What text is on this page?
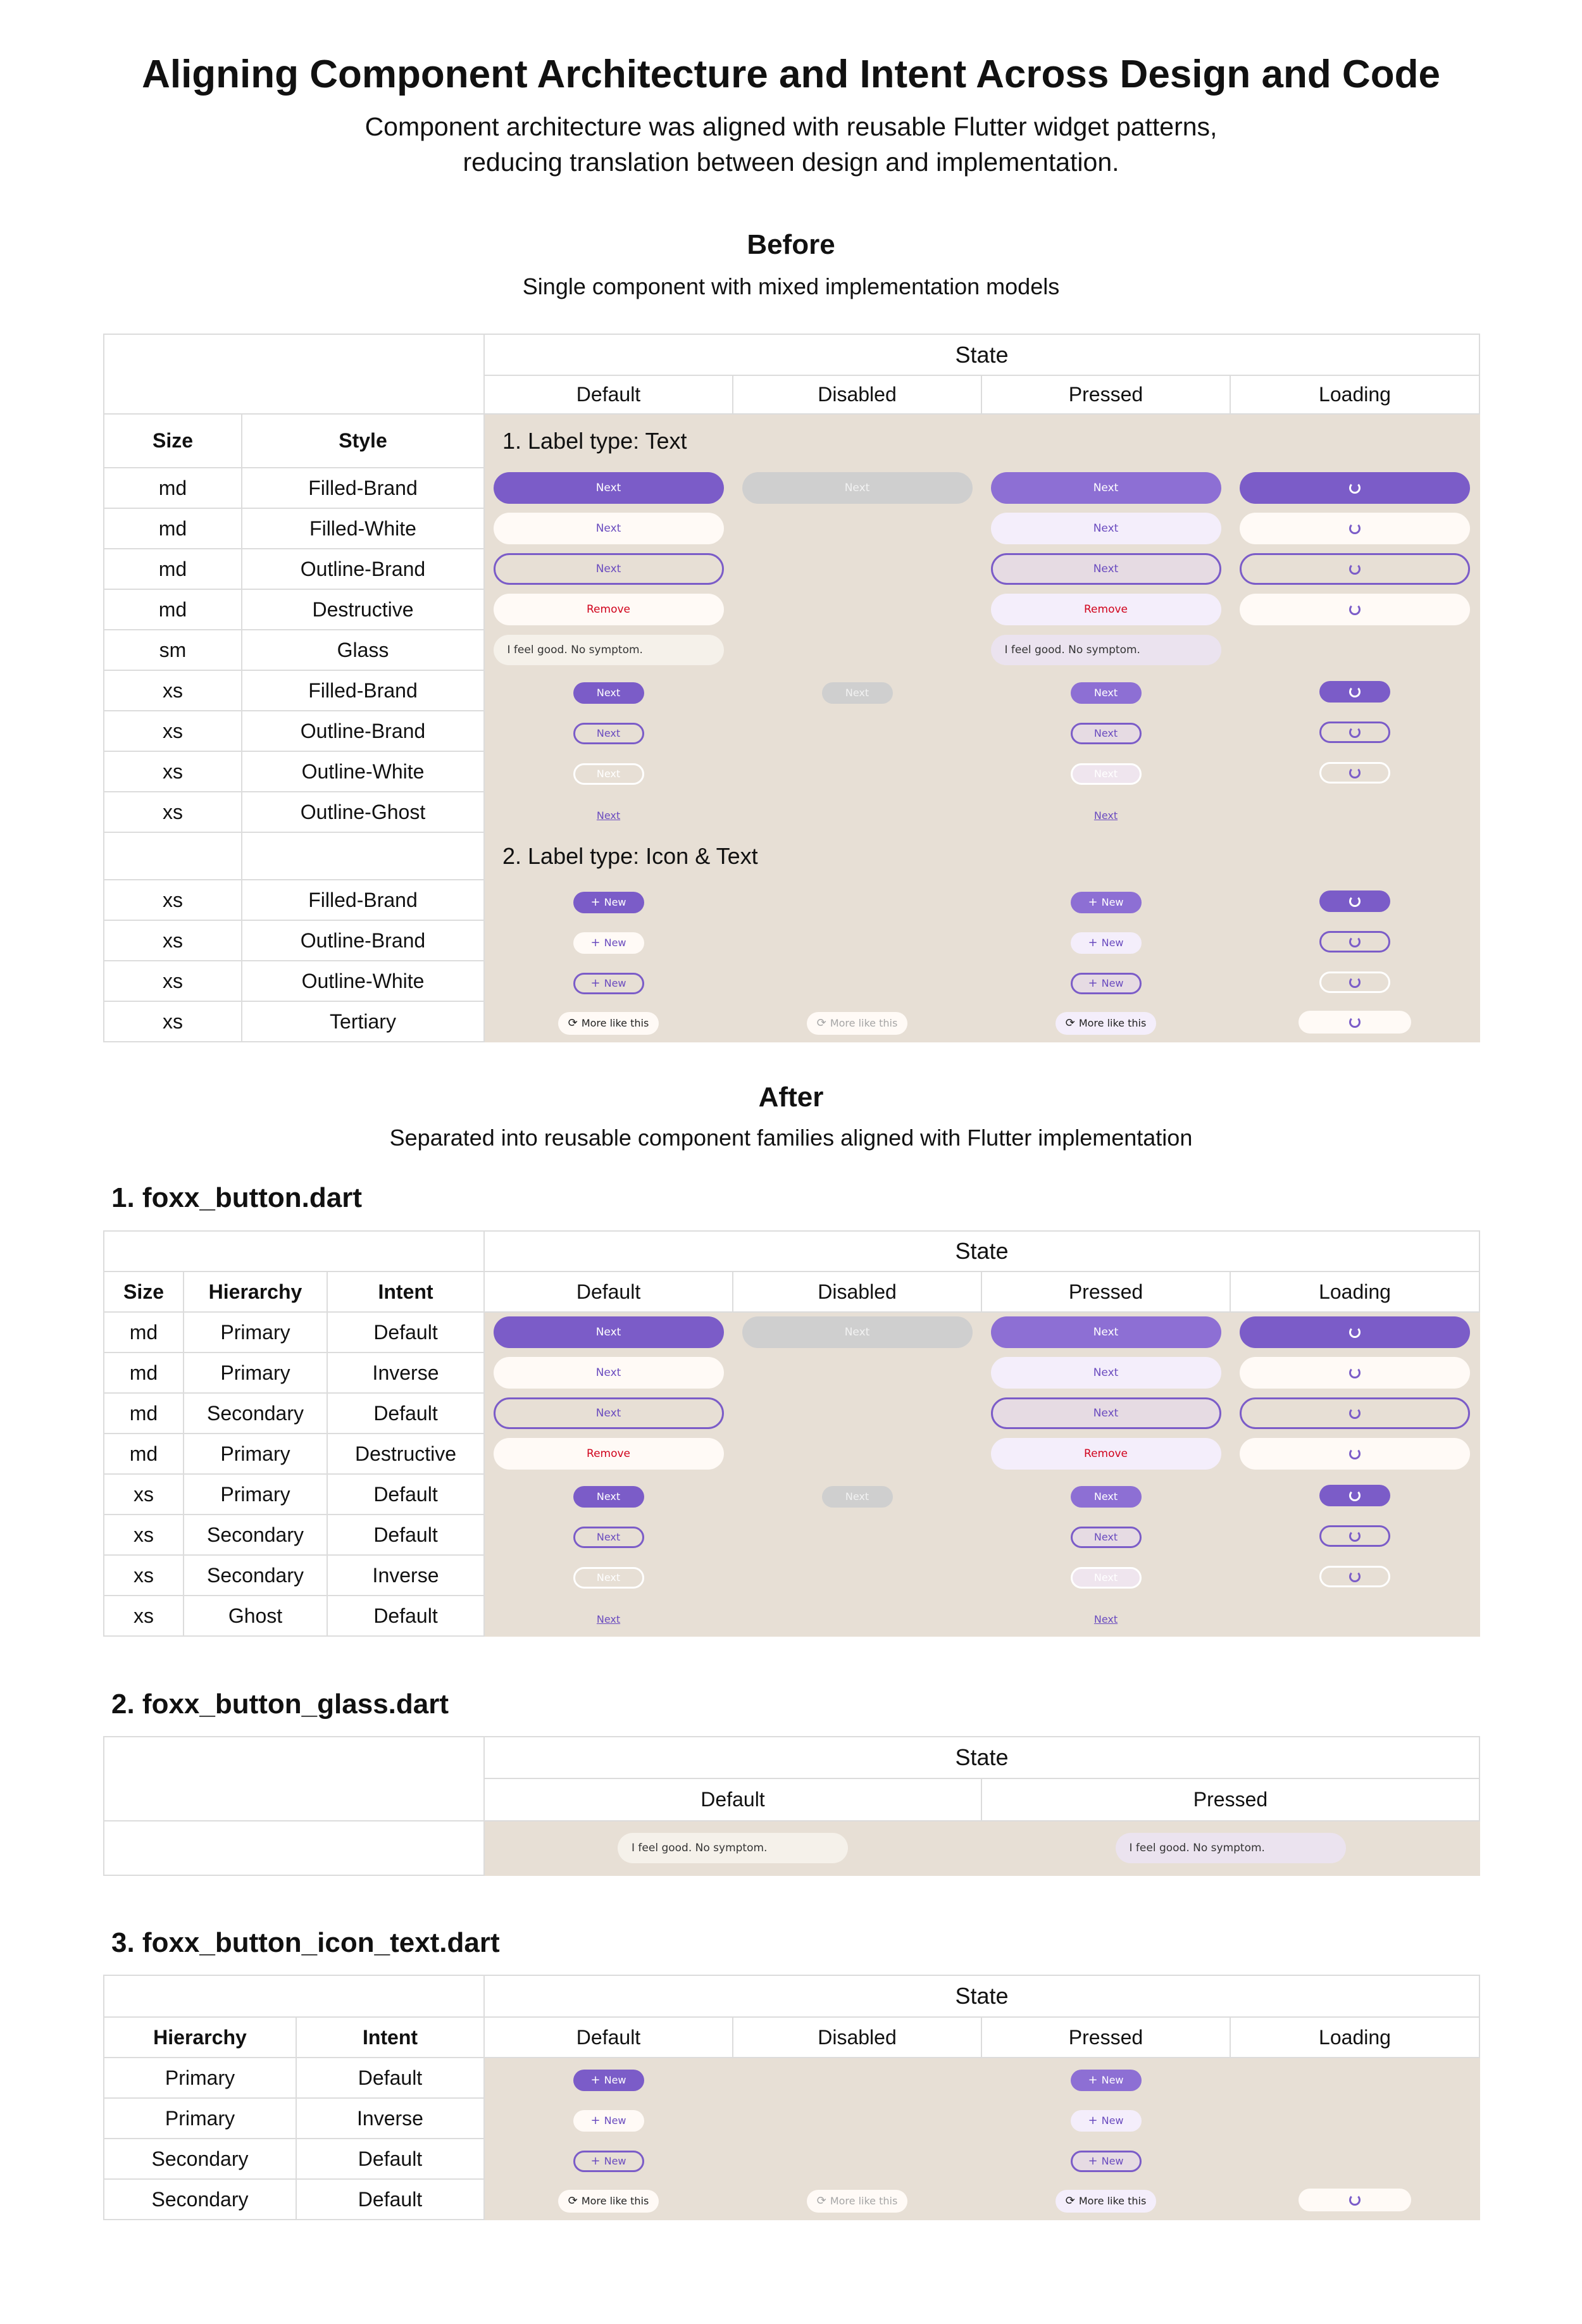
Aligning Component Architecture and Intent Across Design and Code
Component architecture was aligned with reusable Flutter widget patterns,
reducing translation between design and implementation.
Before
Single component with mixed implementation models
		State			
		Default	Disabled	Pressed	Loading
Size	Style	1. Label type: Text			
md	Filled-Brand	Next	Next	Next	

md	Filled-White	Next		Next	

md	Outline-Brand	Next		Next	

md	Destructive	Remove		Remove	

sm	Glass	I feel good. No symptom.		I feel good. No symptom.	
xs	Filled-Brand	Next	Next	Next	

xs	Outline-Brand	Next		Next	

xs	Outline-White	Next		Next	

xs	Outline-Ghost	Next		Next	
		2. Label type: Icon & Text			
xs	Filled-Brand	+ New		+ New	

xs	Outline-Brand	+ New		+ New	

xs	Outline-White	+ New		+ New	

xs	Tertiary	⟳ More like this	⟳ More like this	⟳ More like this	

After
Separated into reusable component families aligned with Flutter implementation
1. foxx_button.dart
			State			
Size	Hierarchy	Intent	Default	Disabled	Pressed	Loading
md	Primary	Default	Next	Next	Next	

md	Primary	Inverse	Next		Next	

md	Secondary	Default	Next		Next	

md	Primary	Destructive	Remove		Remove	

xs	Primary	Default	Next	Next	Next	

xs	Secondary	Default	Next		Next	

xs	Secondary	Inverse	Next		Next	

xs	Ghost	Default	Next		Next	
2. foxx_button_glass.dart
	State	
	Default	Pressed
	I feel good. No symptom.	I feel good. No symptom.
3. foxx_button_icon_text.dart
		State			
Hierarchy	Intent	Default	Disabled	Pressed	Loading
Primary	Default	+ New		+ New	

Primary	Inverse	+ New		+ New	

Secondary	Default	+ New		+ New	

Secondary	Default	⟳ More like this	⟳ More like this	⟳ More like this	
